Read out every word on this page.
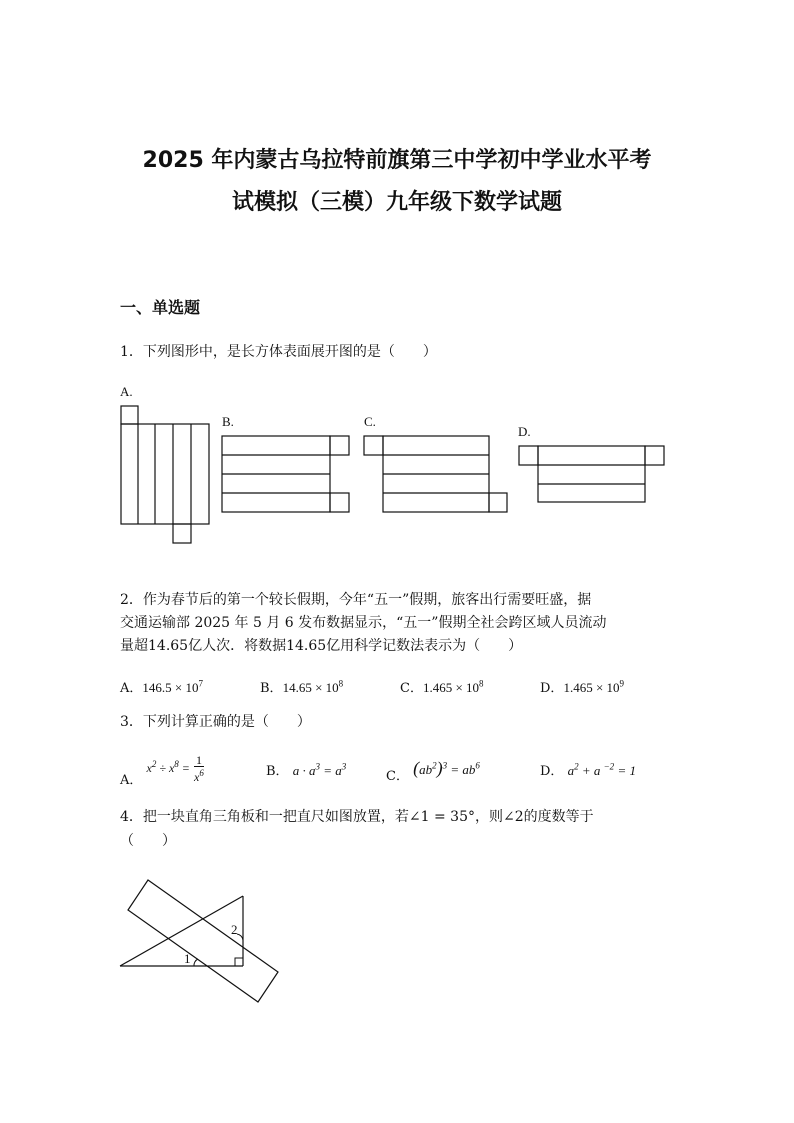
2025 年内蒙古乌拉特前旗第三中学初中学业水平考
试模拟（三模）九年级下数学试题
一、单选题
1．下列图形中，是长方体表面展开图的是（　　）
A.
B.	C.
D.
2．作为春节后的第一个较长假期，今年“五一”假期，旅客出行需要旺盛，据
交通运输部 2025 年 5 月 6 发布数据显示，“五一”假期全社会跨区域人员流动
量超14.65亿人次．将数据14.65亿用科学记数法表示为（　　）
A．$146.5 \times 10^7$	B．$14.65 \times 10^8$	C．$1.465 \times 10^8$	D．$1.465 \times 10^9$
3．下列计算正确的是（　　）
A． $x^2 \div x^8 = \frac{1}{x^6}$	B． $a \cdot a^3 = a^3$
C． $(ab^2)^3 = ab^6$	D． $a^2 + a$ $^{-2}$ = 1
4．把一块直角三角板和一把直尺如图放置，若∠1 = 35°，则∠2的度数等于
（　　）
1
2
